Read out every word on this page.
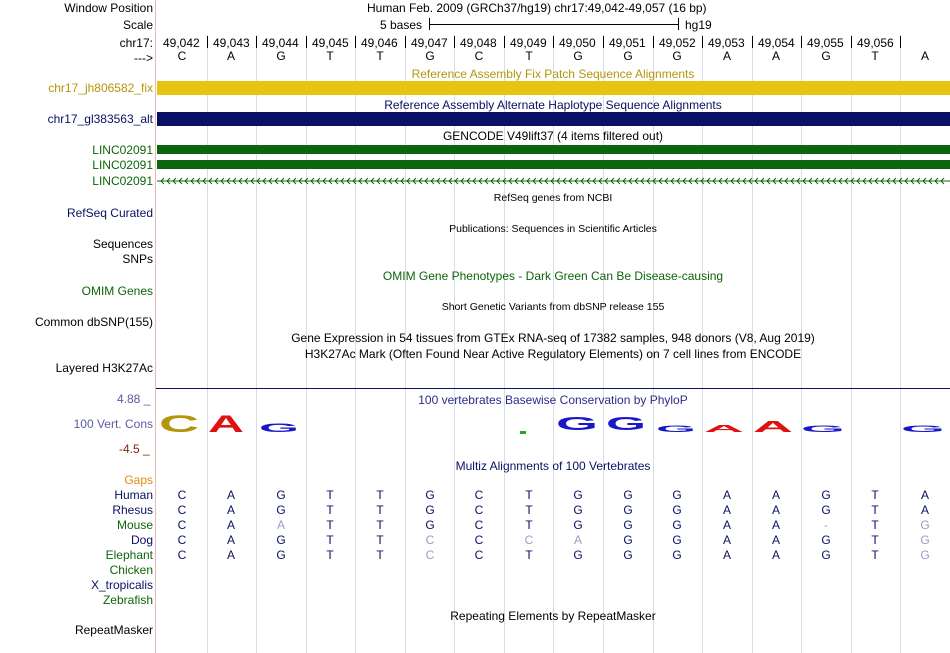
Window Position	Human Feb. 2009 (GRCh37/hg19) chr17:49,042-49,057 (16 bp)
Scale	5 bases	hg19
chr17:
--->
49,042 49,043 49,044 49,045 49,046 49,047 49,048 49,049 49,050 49,051 49,052 49,053 49,054 49,055 49,056
C	A	G	T	T	G	C	T	G	G	G	A	A	G	T	A
Reference Assembly Fix Patch Sequence Alignments
chr17_jh806582_fix
Reference Assembly Alternate Haplotype Sequence Alignments
chr17_gl383563_alt
GENCODE V49lift37 (4 items filtered out)
LINC02091
LINC02091
LINC02091
RefSeq genes from NCBI
RefSeq Curated
Publications: Sequences in Scientific Articles
Sequences
SNPs
OMIM Gene Phenotypes - Dark Green Can Be Disease-causing
OMIM Genes
Short Genetic Variants from dbSNP release 155
Common dbSNP(155)
Gene Expression in 54 tissues from GTEx RNA-seq of 17382 samples, 948 donors (V8, Aug 2019)
H3K27Ac Mark (Often Found Near Active Regulatory Elements) on 7 cell lines from ENCODE
Layered H3K27Ac
100 vertebrates Basewise Conservation by PhyloP
4.88 _
100 Vert. Cons
-4.5 _
C A G	G G G A A G	G
Multiz Alignments of 100 Vertebrates
Gaps
Human	C	A	G	T	T	G	C	T	G	G	G	A	A	G	T	A
Rhesus	C	A	G	T	T	G	C	T	G	G	G	A	A	G	T	A
Mouse	C	A	A	T	T	G	C	T	G	G	G	A	A	-	T	G
Dog	C	A	G	T	T	C	C	C	A	G	G	A	A	G	T	G
Elephant	C	A	G	T	T	C	C	T	G	G	G	A	A	G	T	G
Chicken
X_tropicalis
Zebrafish
Repeating Elements by RepeatMasker
RepeatMasker
